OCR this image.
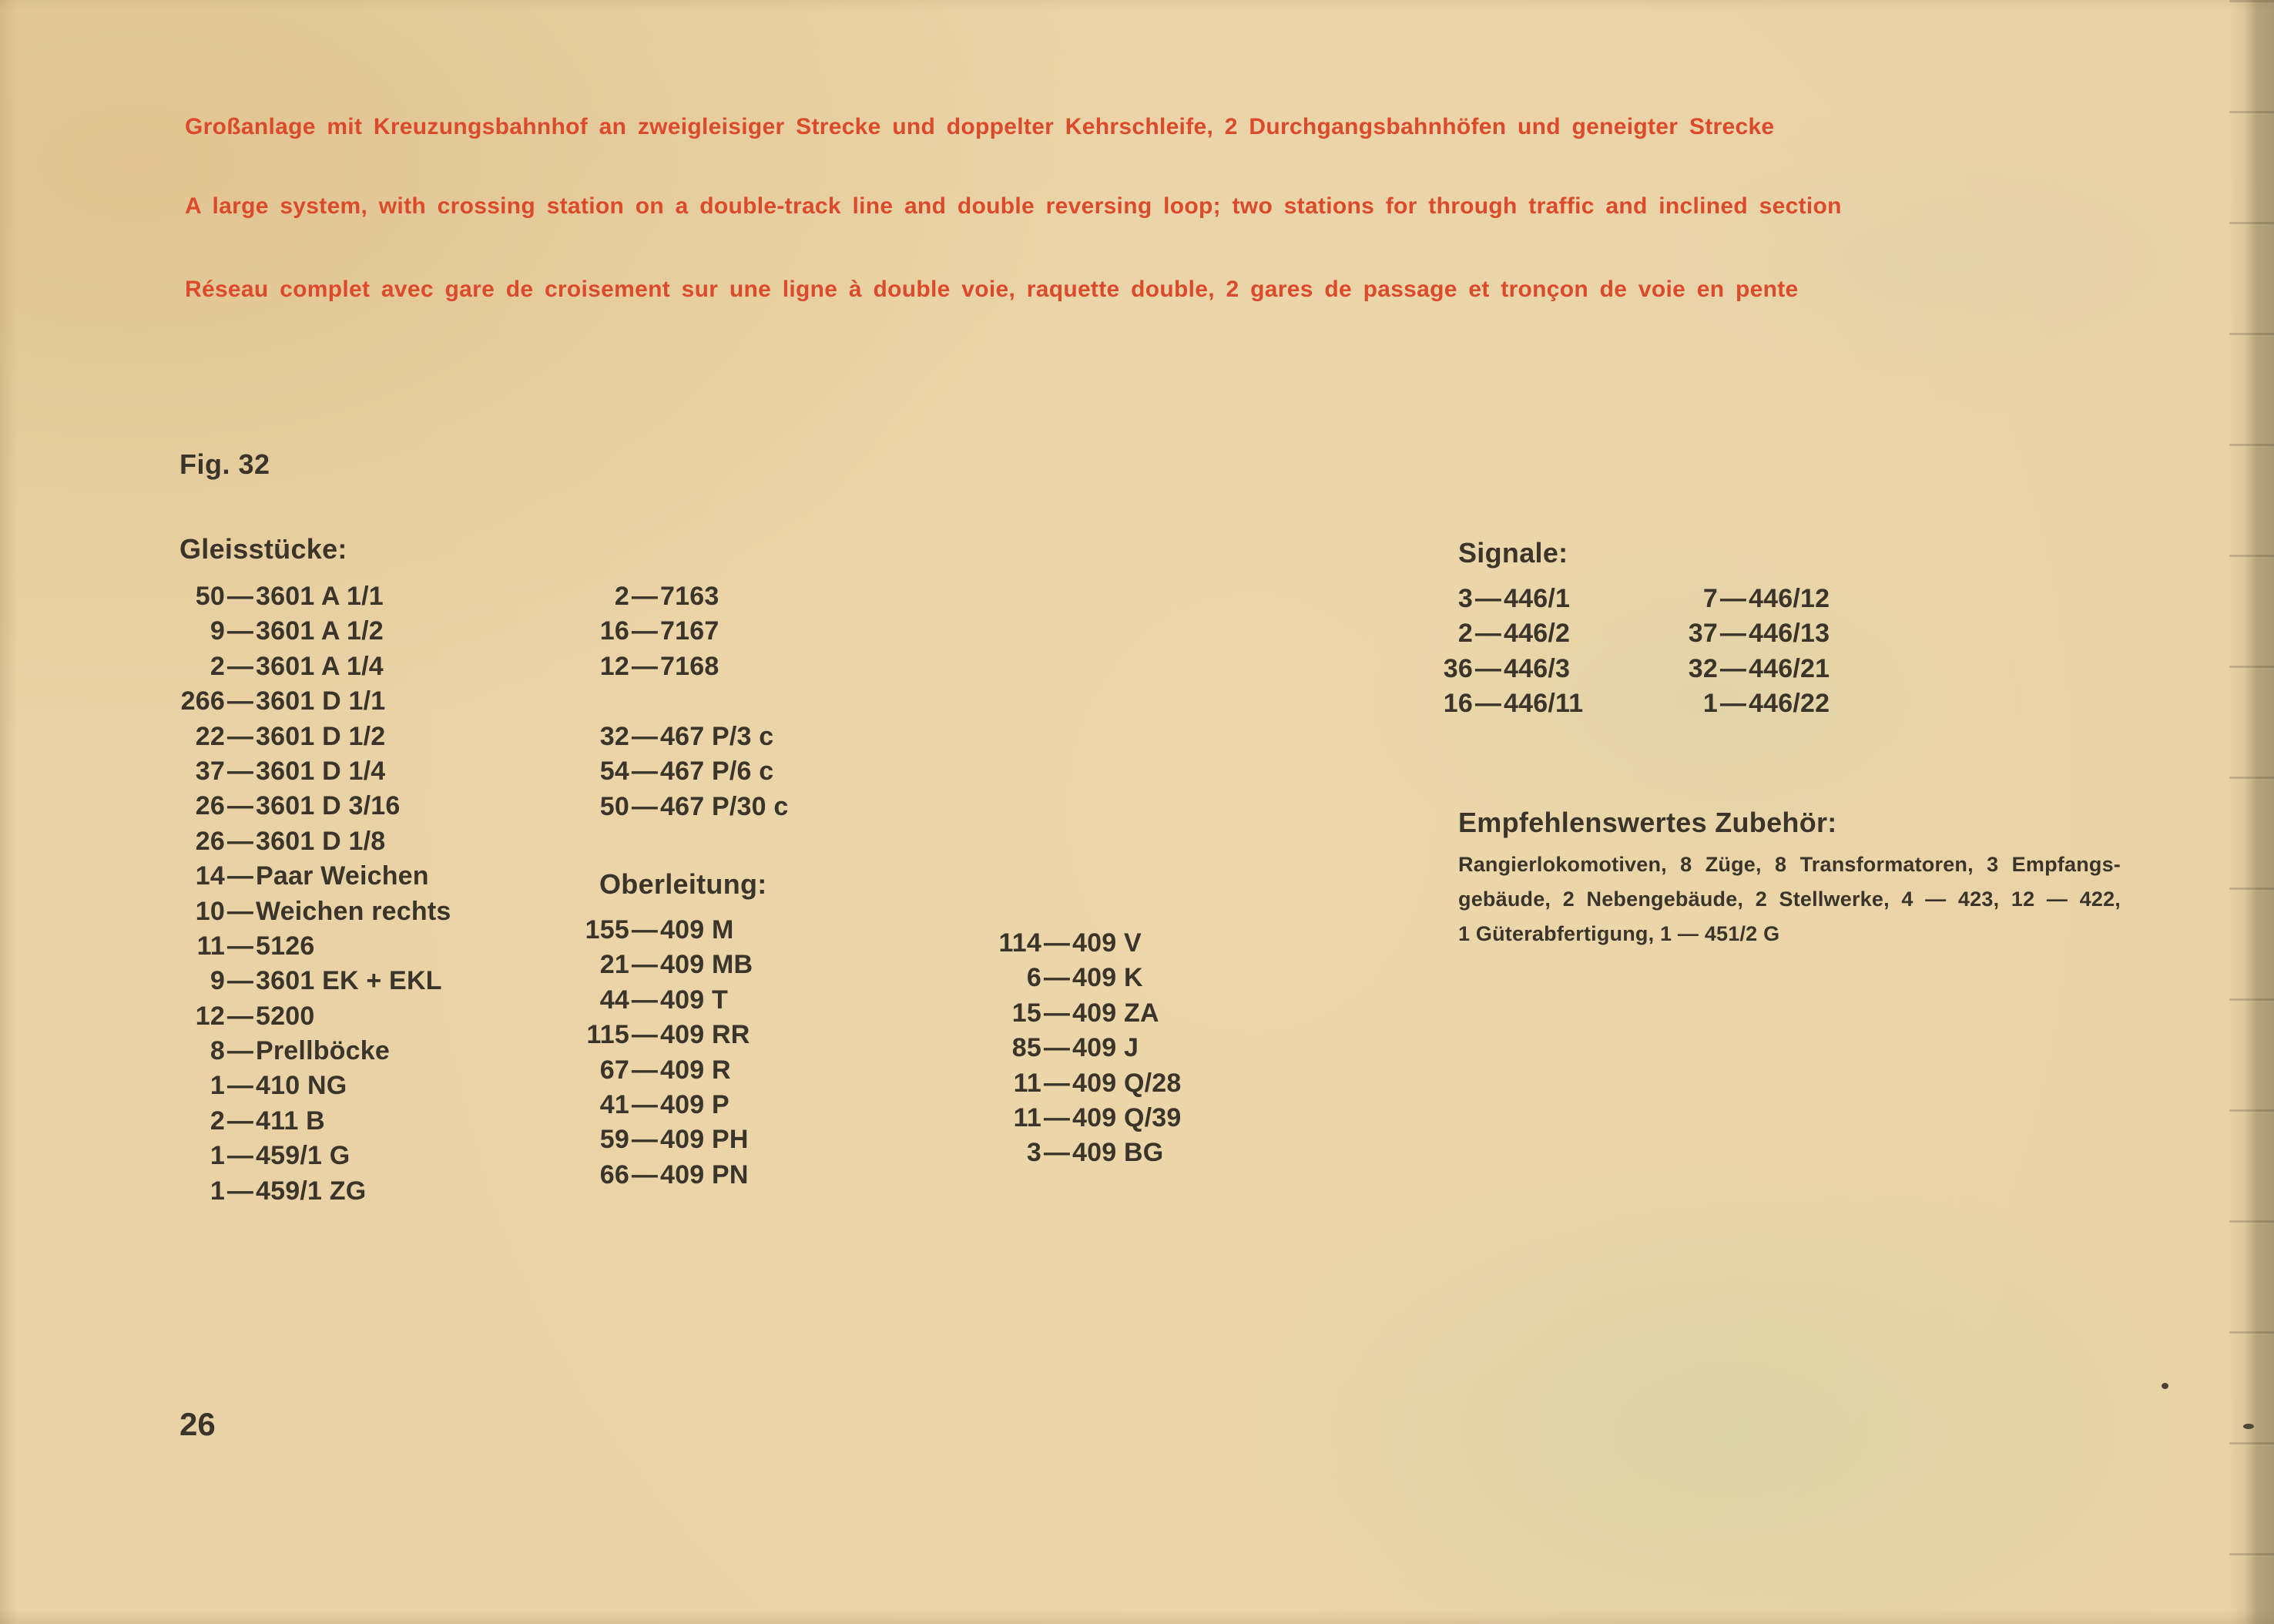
Großanlage mit Kreuzungsbahnhof an zweigleisiger Strecke und doppelter Kehrschleife, 2 Durchgangsbahnhöfen und geneigter Strecke
A large system, with crossing station on a double-track line and double reversing loop; two stations for through traffic and inclined section
Réseau complet avec gare de croisement sur une ligne à double voie, raquette double, 2 gares de passage et tronçon de voie en pente
Fig. 32
Gleisstücke:
50—3601 A 1/1
9—3601 A 1/2
2—3601 A 1/4
266—3601 D 1/1
22—3601 D 1/2
37—3601 D 1/4
26—3601 D 3/16
26—3601 D 1/8
14—Paar Weichen
10—Weichen rechts
11—5126
9—3601 EK + EKL
12—5200
8—Prellböcke
1—410 NG
2—411 B
1—459/1 G
1—459/1 ZG
2—7163
16—7167
12—7168
32—467 P/3 c
54—467 P/6 c
50—467 P/30 c
Oberleitung:
155—409 M
21—409 MB
44—409 T
115—409 RR
67—409 R
41—409 P
59—409 PH
66—409 PN
114—409 V
6—409 K
15—409 ZA
85—409 J
11—409 Q/28
11—409 Q/39
3—409 BG
Signale:
3—446/1
2—446/2
36—446/3
16—446/11
7—446/12
37—446/13
32—446/21
1—446/22
Empfehlenswertes Zubehör:
Rangierlokomotiven, 8 Züge, 8 Transformatoren, 3 Empfangs-
gebäude, 2 Nebengebäude, 2 Stellwerke, 4 — 423, 12 — 422,
1 Güterabfertigung, 1 — 451/2 G
26
